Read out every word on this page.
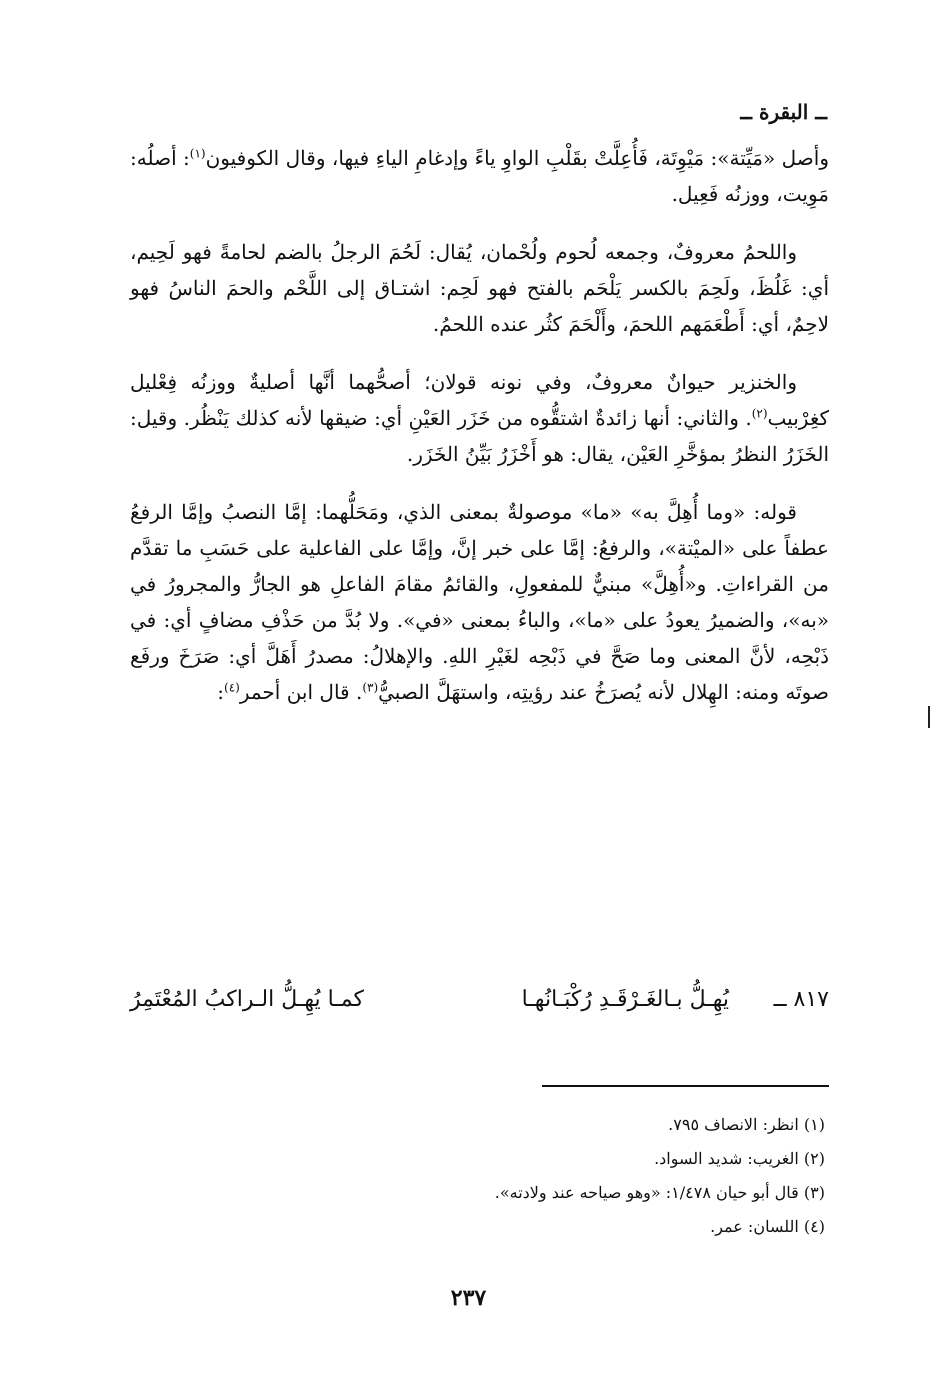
ــ البقرة ــ

وأصل «مَيِّتة»: مَيْوِتَة، فَأُعِلَّتْ بقَلْبِ الواوِ ياءً وإدغامِ الياءِ فيها، وقال الكوفيون$^{(١)}$: أصلُه: مَوِيت، ووزنُه فَعِيل.

واللحمُ معروفٌ، وجمعه لُحوم ولُحْمان، يُقال: لَحُمَ الرجلُ بالضم لحامةً فهو لَحِيم، أي: غَلُظَ، ولَحِمَ بالكسر يَلْحَم بالفتح فهو لَحِم: اشتـاق إلى اللَّحْم والحمَ الناسُ فهو لاحِمٌ، أي: أَطْعَمَهم اللحمَ، وأَلْحَمَ كثُر عنده اللحمُ.

والخنزير حيوانٌ معروفٌ، وفي نونه قولان؛ أصحُّهما أنَّها أصليةٌ ووزنُه فِعْليل كغِرْبيب$^{(٢)}$. والثاني: أنها زائدةٌ اشتقُّوه من خَزَر العَيْنِ أي: ضيقها لأنه كذلك يَنْظُر. وقيل: الخَزَرُ النظرُ بمؤخَّرِ العَيْن، يقال: هو أَخْزَرُ بَيِّنُ الخَزَر.

قوله: «وما أُهِلَّ به» «ما» موصولةٌ بمعنى الذي، ومَحَلُّهما: إمَّا النصبُ وإمَّا الرفعُ عطفاً على «الميْتة»، والرفعُ: إمَّا على خبر إنَّ، وإمَّا على الفاعلية على حَسَبِ ما تقدَّم من القراءاتِ. و«أُهِلَّ» مبنيٌّ للمفعولِ، والقائمُ مقامَ الفاعلِ هو الجارُّ والمجرورُ في «به»، والضميرُ يعودُ على «ما»، والباءُ بمعنى «في». ولا بُدَّ من حَذْفِ مضافٍ أي: في ذَبْحِه، لأنَّ المعنى وما صَحَّ في ذَبْحِه لغَيْرِ اللهِ. والإهلالُ: مصدرُ أَهَلَّ أي: صَرَخَ ورفَع صوتَه ومنه: الهِلال لأنه يُصرَخُ عند رؤيتِه، واستهَلَّ الصبيُّ$^{(٣)}$. قال ابن أحمر$^{(٤)}$:

٨١٧ ــ
يُهِـلُّ بـالغَـرْقَـدِ رُكْبَـانُهـا
كمـا يُهِـلُّ الـراكبُ المُعْتَمِرُ
(١) انظر: الانصاف ٧٩٥.
(٢) الغريب: شديد السواد.
(٣) قال أبو حيان ١/٤٧٨: «وهو صياحه عند ولادته».
(٤) اللسان: عمر.
٢٣٧
